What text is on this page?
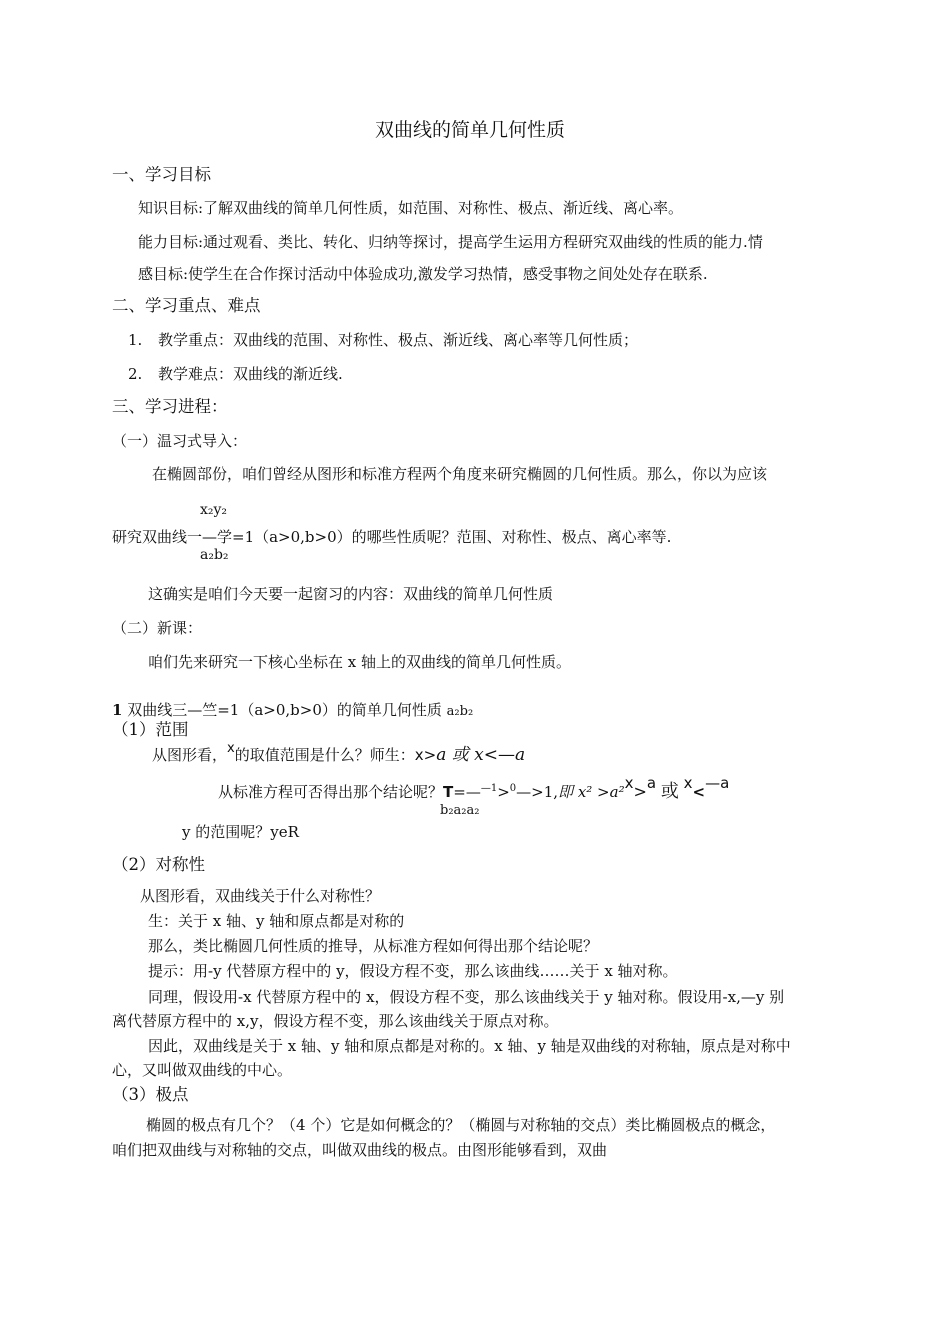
双曲线的简单几何性质
一、学习目标
知识目标:了解双曲线的简单几何性质，如范围、对称性、极点、渐近线、离心率。
能力目标:通过观看、类比、转化、归纳等探讨，提高学生运用方程研究双曲线的性质的能力.情
感目标:使学生在合作探讨活动中体验成功,激发学习热情，感受事物之间处处存在联系.
二、学习重点、难点
1. 教学重点：双曲线的范围、对称性、极点、渐近线、离心率等几何性质；
2. 教学难点：双曲线的渐近线.
三、学习进程：
（一）温习式导入：
在椭圆部份，咱们曾经从图形和标准方程两个角度来研究椭圆的几何性质。那么，你以为应该
x₂y₂
研究双曲线一—学=1（a>0,b>0）的哪些性质呢？范围、对称性、极点、离心率等.
a₂b₂
这确实是咱们今天要一起窗习的内容：双曲线的简单几何性质
（二）新课：
咱们先来研究一下核心坐标在 x 轴上的双曲线的简单几何性质。
1 双曲线三—竺=1（a>0,b>0）的简单几何性质 a₂b₂
（1）范围
从图形看，x的取值范围是什么？师生：x>a 或 x<—a
从标准方程可否得出那个结论呢？T=—$^{—1}$>$^0$—>1,即 x² >a²x>a 或 x<—a
b₂a₂a₂
y 的范围呢？yeR
（2）对称性
从图形看，双曲线关于什么对称性？
生：关于 x 轴、y 轴和原点都是对称的
那么，类比椭圆几何性质的推导，从标准方程如何得出那个结论呢？
提示：用-y 代替原方程中的 y，假设方程不变，那么该曲线……关于 x 轴对称。
同理，假设用-x 代替原方程中的 x，假设方程不变，那么该曲线关于 y 轴对称。假设用-x,—y 别
离代替原方程中的 x,y，假设方程不变，那么该曲线关于原点对称。
因此，双曲线是关于 x 轴、y 轴和原点都是对称的。x 轴、y 轴是双曲线的对称轴，原点是对称中
心，又叫做双曲线的中心。
（3）极点
椭圆的极点有几个？（4 个）它是如何概念的？（椭圆与对称轴的交点）类比椭圆极点的概念，
咱们把双曲线与对称轴的交点，叫做双曲线的极点。由图形能够看到，双曲
